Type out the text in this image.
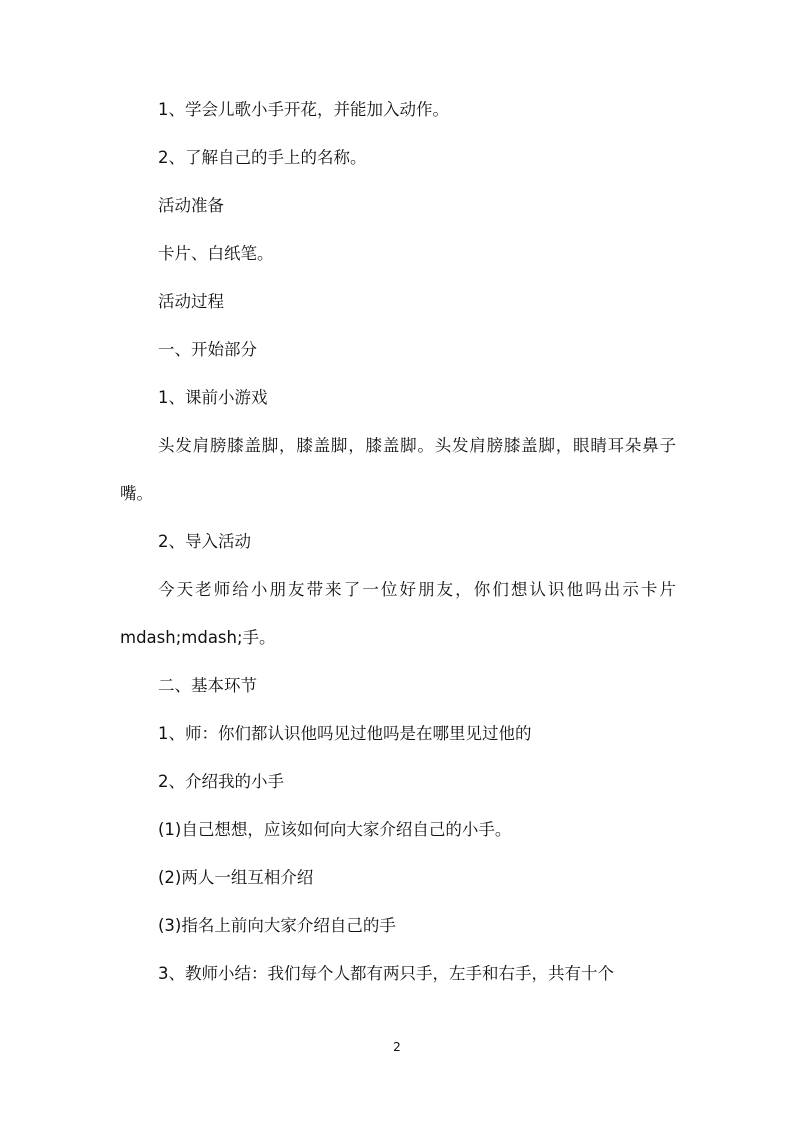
1、学会儿歌小手开花，并能加入动作。

2、了解自己的手上的名称。

活动准备

卡片、白纸笔。

活动过程

一、开始部分

1、课前小游戏

头发肩膀膝盖脚，膝盖脚，膝盖脚。头发肩膀膝盖脚，眼睛耳朵鼻子嘴。

2、导入活动

今天老师给小朋友带来了一位好朋友，你们想认识他吗出示卡片mdash;mdash;手。

二、基本环节

1、师：你们都认识他吗见过他吗是在哪里见过他的

2、介绍我的小手

(1)自己想想，应该如何向大家介绍自己的小手。

(2)两人一组互相介绍

(3)指名上前向大家介绍自己的手

3、教师小结：我们每个人都有两只手，左手和右手，共有十个

2
